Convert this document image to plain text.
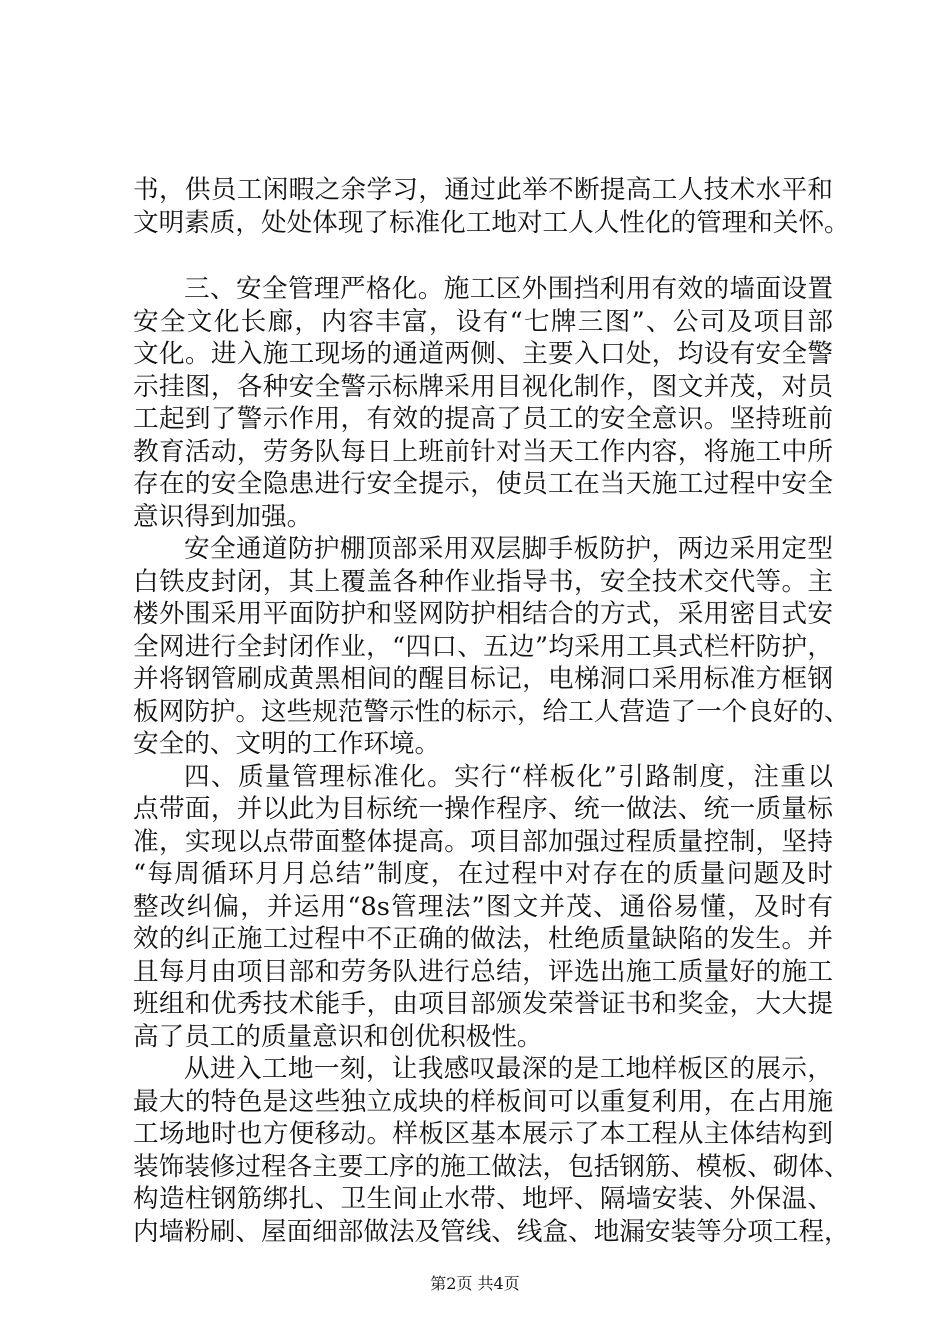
书，供员工闲暇之余学习，通过此举不断提高工人技术水平和
文明素质，处处体现了标准化工地对工人人性化的管理和关怀。
三、安全管理严格化。施工区外围挡利用有效的墙面设置
安全文化长廊，内容丰富，设有“七牌三图”、公司及项目部
文化。进入施工现场的通道两侧、主要入口处，均设有安全警
示挂图，各种安全警示标牌采用目视化制作，图文并茂，对员
工起到了警示作用，有效的提高了员工的安全意识。坚持班前
教育活动，劳务队每日上班前针对当天工作内容，将施工中所
存在的安全隐患进行安全提示，使员工在当天施工过程中安全
意识得到加强。
安全通道防护棚顶部采用双层脚手板防护，两边采用定型
白铁皮封闭，其上覆盖各种作业指导书，安全技术交代等。主
楼外围采用平面防护和竖网防护相结合的方式，采用密目式安
全网进行全封闭作业，“四口、五边”均采用工具式栏杆防护，
并将钢管刷成黄黑相间的醒目标记，电梯洞口采用标准方框钢
板网防护。这些规范警示性的标示，给工人营造了一个良好的、
安全的、文明的工作环境。
四、质量管理标准化。实行“样板化”引路制度，注重以
点带面，并以此为目标统一操作程序、统一做法、统一质量标
准，实现以点带面整体提高。项目部加强过程质量控制，坚持
“每周循环月月总结”制度，在过程中对存在的质量问题及时
整改纠偏，并运用“8s管理法”图文并茂、通俗易懂，及时有
效的纠正施工过程中不正确的做法，杜绝质量缺陷的发生。并
且每月由项目部和劳务队进行总结，评选出施工质量好的施工
班组和优秀技术能手，由项目部颁发荣誉证书和奖金，大大提
高了员工的质量意识和创优积极性。
从进入工地一刻，让我感叹最深的是工地样板区的展示，
最大的特色是这些独立成块的样板间可以重复利用，在占用施
工场地时也方便移动。样板区基本展示了本工程从主体结构到
装饰装修过程各主要工序的施工做法，包括钢筋、模板、砌体、
构造柱钢筋绑扎、卫生间止水带、地坪、隔墙安装、外保温、
内墙粉刷、屋面细部做法及管线、线盒、地漏安装等分项工程，
第2页 共4页
